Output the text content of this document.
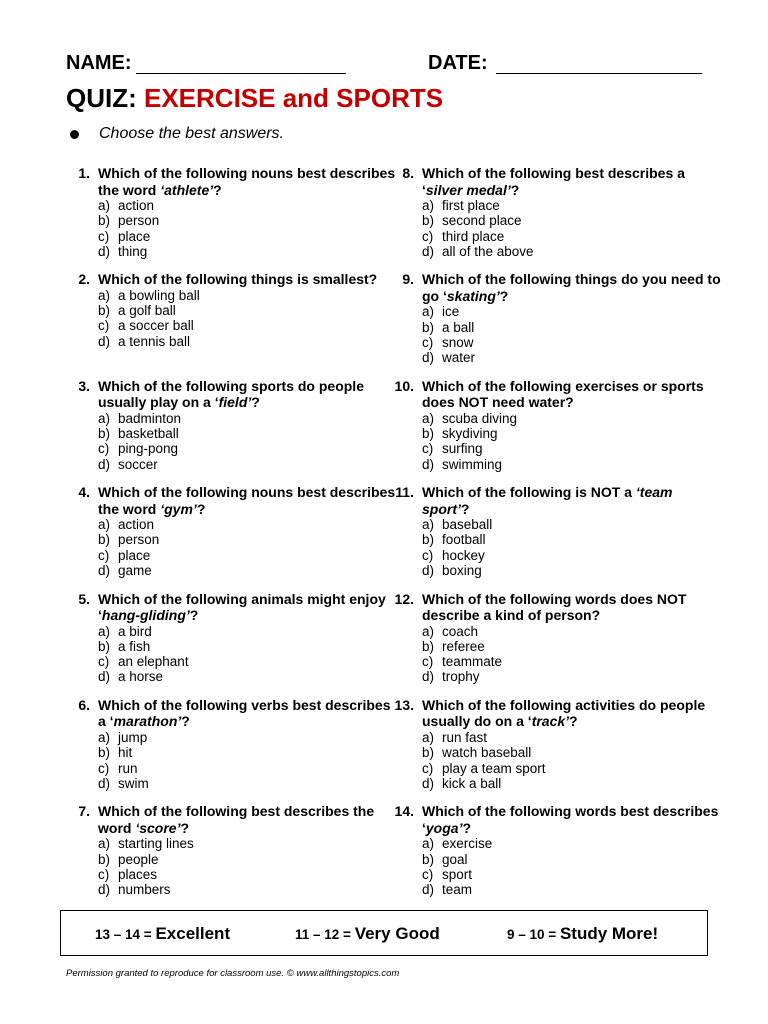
NAME:	DATE:
QUIZ: EXERCISE and SPORTS
Choose the best answers.
1. Which of the following nouns best describes the word ‘athlete’?
a) action
b) person
c) place
d) thing
2. Which of the following things is smallest?
a) a bowling ball
b) a golf ball
c) a soccer ball
d) a tennis ball
3. Which of the following sports do people usually play on a ‘field’?
a) badminton
b) basketball
c) ping-pong
d) soccer
4. Which of the following nouns best describes the word ‘gym’?
a) action
b) person
c) place
d) game
5. Which of the following animals might enjoy ‘hang-gliding’?
a) a bird
b) a fish
c) an elephant
d) a horse
6. Which of the following verbs best describes a ‘marathon’?
a) jump
b) hit
c) run
d) swim
7. Which of the following best describes the word ‘score’?
a) starting lines
b) people
c) places
d) numbers
8. Which of the following best describes a ‘silver medal’?
a) first place
b) second place
c) third place
d) all of the above
9. Which of the following things do you need to go ‘skating’?
a) ice
b) a ball
c) snow
d) water
10. Which of the following exercises or sports does NOT need water?
a) scuba diving
b) skydiving
c) surfing
d) swimming
11. Which of the following is NOT a ‘team sport’?
a) baseball
b) football
c) hockey
d) boxing
12. Which of the following words does NOT describe a kind of person?
a) coach
b) referee
c) teammate
d) trophy
13. Which of the following activities do people usually do on a ‘track’?
a) run fast
b) watch baseball
c) play a team sport
d) kick a ball
14. Which of the following words best describes ‘yoga’?
a) exercise
b) goal
c) sport
d) team
13 – 14 = Excellent	11 – 12 = Very Good	9 – 10 = Study More!
Permission granted to reproduce for classroom use. © www.allthingstopics.com
